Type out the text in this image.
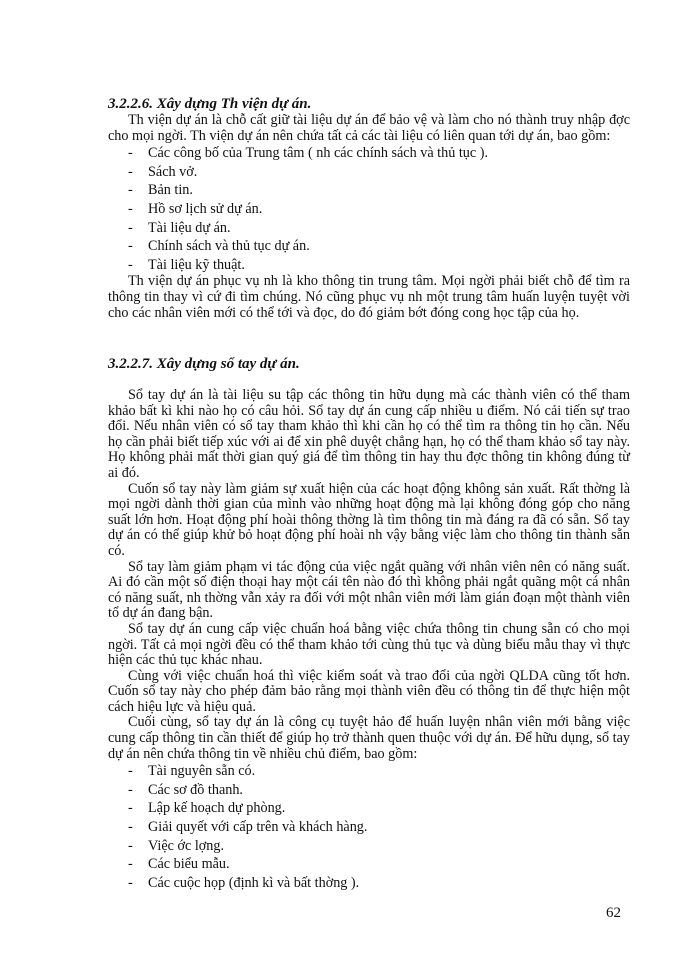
3.2.2.6. Xây dựng Th viện dự án.

Th viện dự án là chỗ cất giữ tài liệu dự án để bảo vệ và làm cho nó thành truy nhập đợc cho mọi ngời. Th viện dự án nên chứa tất cả các tài liệu có liên quan tới dự án, bao gồm:

- Các công bố của Trung tâm ( nh các chính sách và thủ tục ).
- Sách vở.
- Bản tin.
- Hồ sơ lịch sử dự án.
- Tài liệu dự án.
- Chính sách và thủ tục dự án.
- Tài liệu kỹ thuật.

Th viện dự án phục vụ nh là kho thông tin trung tâm. Mọi ngời phải biết chỗ để tìm ra thông tin thay vì cứ đi tìm chúng. Nó cũng phục vụ nh một trung tâm huấn luyện tuyệt vời cho các nhân viên mới có thể tới và đọc, do đó giảm bớt đóng cong học tập của họ.

3.2.2.7. Xây dựng sổ tay dự án.

Sổ tay dự án là tài liệu su tập các thông tin hữu dụng mà các thành viên có thể tham khảo bất kì khi nào họ có câu hỏi. Sổ tay dự án cung cấp nhiều u điểm. Nó cải tiến sự trao đổi. Nếu nhân viên có sổ tay tham khảo thì khi cần họ có thể tìm ra thông tin họ cần. Nếu họ cần phải biết tiếp xúc với ai để xin phê duyệt chẳng hạn, họ có thể tham khảo sổ tay này. Họ không phải mất thời gian quý giá để tìm thông tin hay thu đợc thông tin không đúng từ ai đó.

Cuốn sổ tay này làm giảm sự xuất hiện của các hoạt động không sản xuất. Rất thờng là mọi ngời dành thời gian của mình vào những hoạt động mà lại không đóng góp cho năng suất lớn hơn. Hoạt động phí hoài thông thờng là tìm thông tin mà đáng ra đã có sẵn. Sổ tay dự án có thể giúp khử bỏ hoạt động phí hoài nh vậy bằng việc làm cho thông tin thành sẵn có.

Sổ tay làm giảm phạm vi tác động của việc ngắt quãng với nhân viên nên có năng suất. Ai đó cần một số điện thoại hay một cái tên nào đó thì không phải ngắt quãng một cá nhân có năng suất, nh thờng vẫn xảy ra đối với một nhân viên mới làm gián đoạn một thành viên tổ dự án đang bận.

Sổ tay dự án cung cấp việc chuẩn hoá bằng việc chứa thông tin chung sẵn có cho mọi ngời. Tất cả mọi ngời đều có thể tham khảo tới cùng thủ tục và dùng biểu mẫu thay vì thực hiện các thủ tục khác nhau.

Cùng với việc chuẩn hoá thì việc kiểm soát và trao đổi của ngời QLDA cũng tốt hơn. Cuốn sổ tay này cho phép đảm bảo rằng mọi thành viên đều có thông tin để thực hiện một cách hiệu lực và hiệu quả.

Cuối cùng, sổ tay dự án là công cụ tuyệt hảo để huấn luyện nhân viên mới bằng việc cung cấp thông tin cần thiết để giúp họ trở thành quen thuộc với dự án. Để hữu dụng, sổ tay dự án nên chứa thông tin về nhiều chủ điểm, bao gồm:

- Tài nguyên sẵn có.
- Các sơ đồ thanh.
- Lập kế hoạch dự phòng.
- Giải quyết với cấp trên và khách hàng.
- Việc ớc lợng.
- Các biểu mẫu.
- Các cuộc họp (định kì và bất thờng ).
62
